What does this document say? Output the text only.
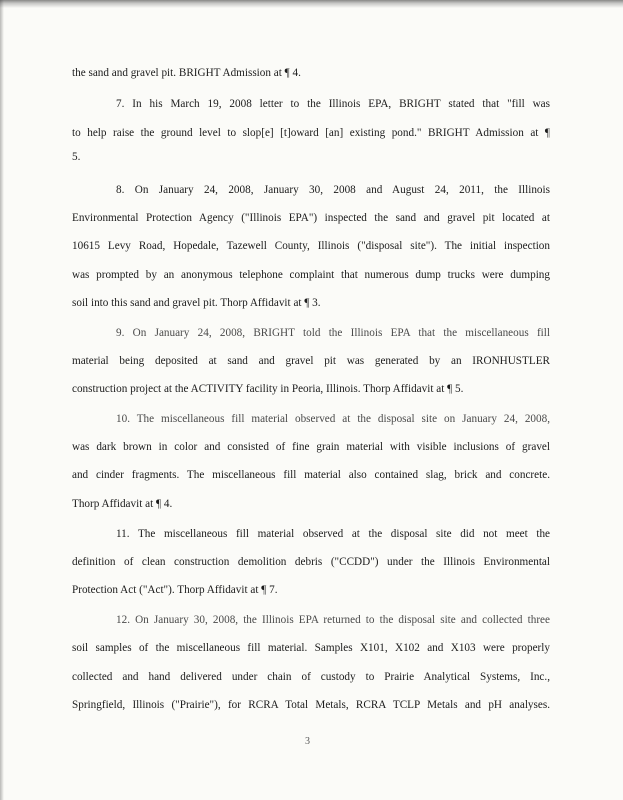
the sand and gravel pit. BRIGHT Admission at ¶ 4.
7. In his March 19, 2008 letter to the Illinois EPA, BRIGHT stated that "fill was
to help raise the ground level to slop[e] [t]oward [an] existing pond." BRIGHT Admission at ¶
5.
8. On January 24, 2008, January 30, 2008 and August 24, 2011, the Illinois
Environmental Protection Agency ("Illinois EPA") inspected the sand and gravel pit located at
10615 Levy Road, Hopedale, Tazewell County, Illinois ("disposal site"). The initial inspection
was prompted by an anonymous telephone complaint that numerous dump trucks were dumping
soil into this sand and gravel pit. Thorp Affidavit at ¶ 3.
9. On January 24, 2008, BRIGHT told the Illinois EPA that the miscellaneous fill
material being deposited at sand and gravel pit was generated by an IRONHUSTLER
construction project at the ACTIVITY facility in Peoria, Illinois. Thorp Affidavit at ¶ 5.
10. The miscellaneous fill material observed at the disposal site on January 24, 2008,
was dark brown in color and consisted of fine grain material with visible inclusions of gravel
and cinder fragments. The miscellaneous fill material also contained slag, brick and concrete.
Thorp Affidavit at ¶ 4.
11. The miscellaneous fill material observed at the disposal site did not meet the
definition of clean construction demolition debris ("CCDD") under the Illinois Environmental
Protection Act ("Act"). Thorp Affidavit at ¶ 7.
12. On January 30, 2008, the Illinois EPA returned to the disposal site and collected three
soil samples of the miscellaneous fill material. Samples X101, X102 and X103 were properly
collected and hand delivered under chain of custody to Prairie Analytical Systems, Inc.,
Springfield, Illinois ("Prairie"), for RCRA Total Metals, RCRA TCLP Metals and pH analyses.
3
